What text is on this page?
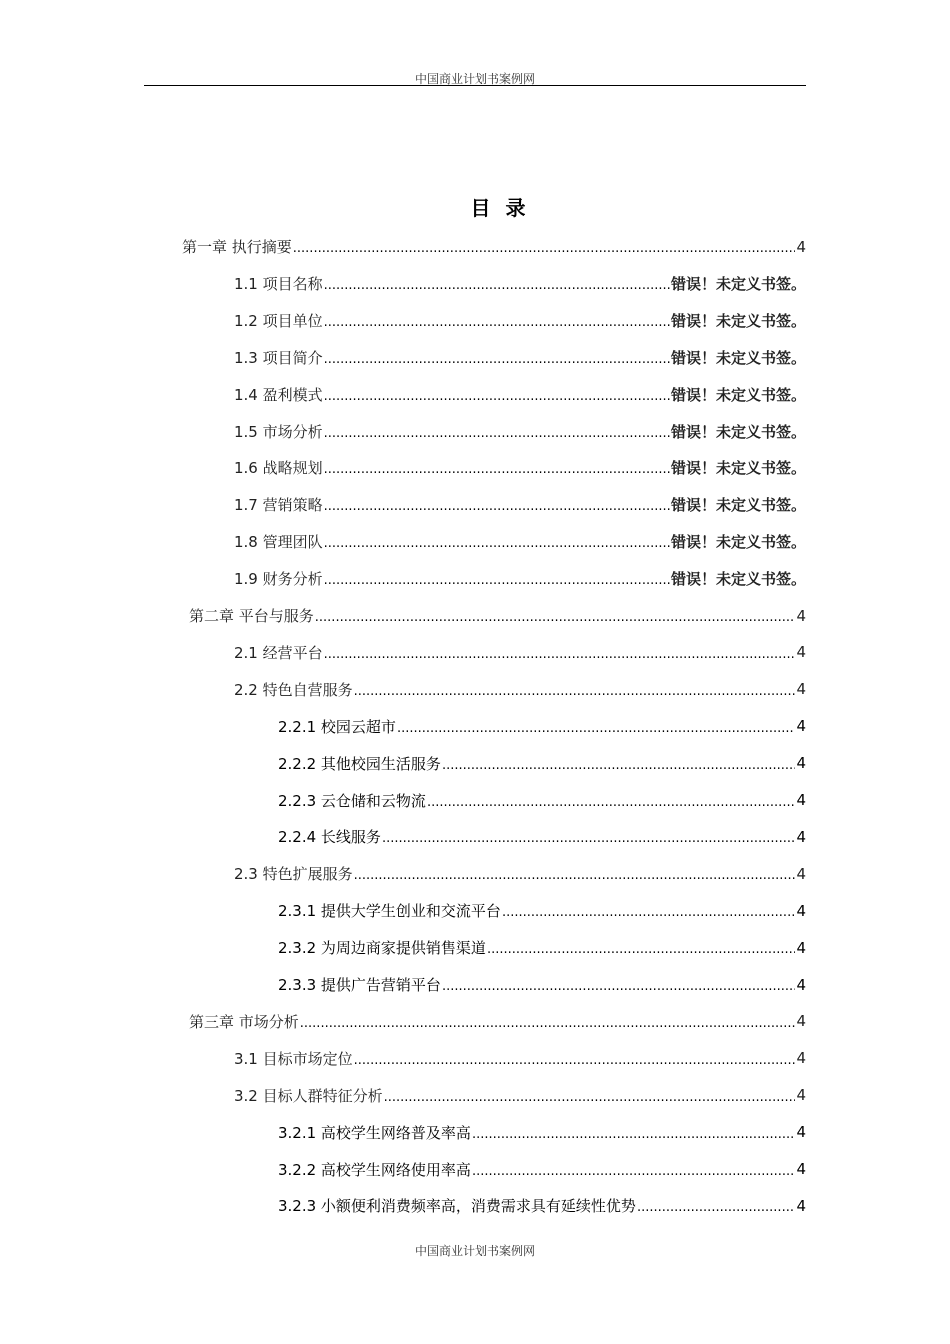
中国商业计划书案例网
目 录
第一章 执行摘要 .....	4
1.1 项目名称 .....	错误！未定义书签。
1.2 项目单位 .....	错误！未定义书签。
1.3 项目简介 .....	错误！未定义书签。
1.4 盈利模式 .....	错误！未定义书签。
1.5 市场分析 .....	错误！未定义书签。
1.6 战略规划 .....	错误！未定义书签。
1.7 营销策略 .....	错误！未定义书签。
1.8 管理团队 .....	错误！未定义书签。
1.9 财务分析 .....	错误！未定义书签。
第二章 平台与服务 .....	4
2.1 经营平台 .....	4
2.2 特色自营服务 .....	4
2.2.1 校园云超市 .....	4
2.2.2 其他校园生活服务 .....	4
2.2.3 云仓储和云物流 .....	4
2.2.4 长线服务 .....	4
2.3 特色扩展服务 .....	4
2.3.1 提供大学生创业和交流平台 .....	4
2.3.2 为周边商家提供销售渠道 .....	4
2.3.3 提供广告营销平台 .....	4
第三章 市场分析 .....	4
3.1 目标市场定位 .....	4
3.2 目标人群特征分析 .....	4
3.2.1 高校学生网络普及率高 .....	4
3.2.2 高校学生网络使用率高 .....	4
3.2.3 小额便利消费频率高，消费需求具有延续性优势 .....	4
中国商业计划书案例网
